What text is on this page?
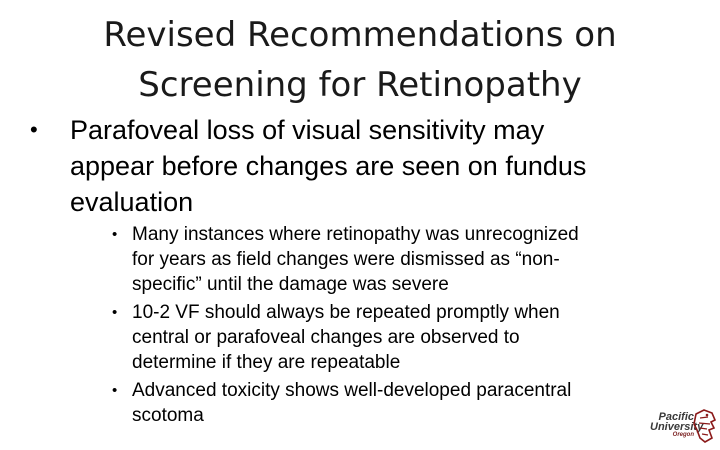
Revised Recommendations on
Screening for Retinopathy
• Parafoveal loss of visual sensitivity may
appear before changes are seen on fundus
evaluation
• Many instances where retinopathy was unrecognized
for years as field changes were dismissed as “non-
specific” until the damage was severe
• 10-2 VF should always be repeated promptly when
central or parafoveal changes are observed to
determine if they are repeatable
• Advanced toxicity shows well-developed paracentral
scotoma	Pacific
University
Oregon
